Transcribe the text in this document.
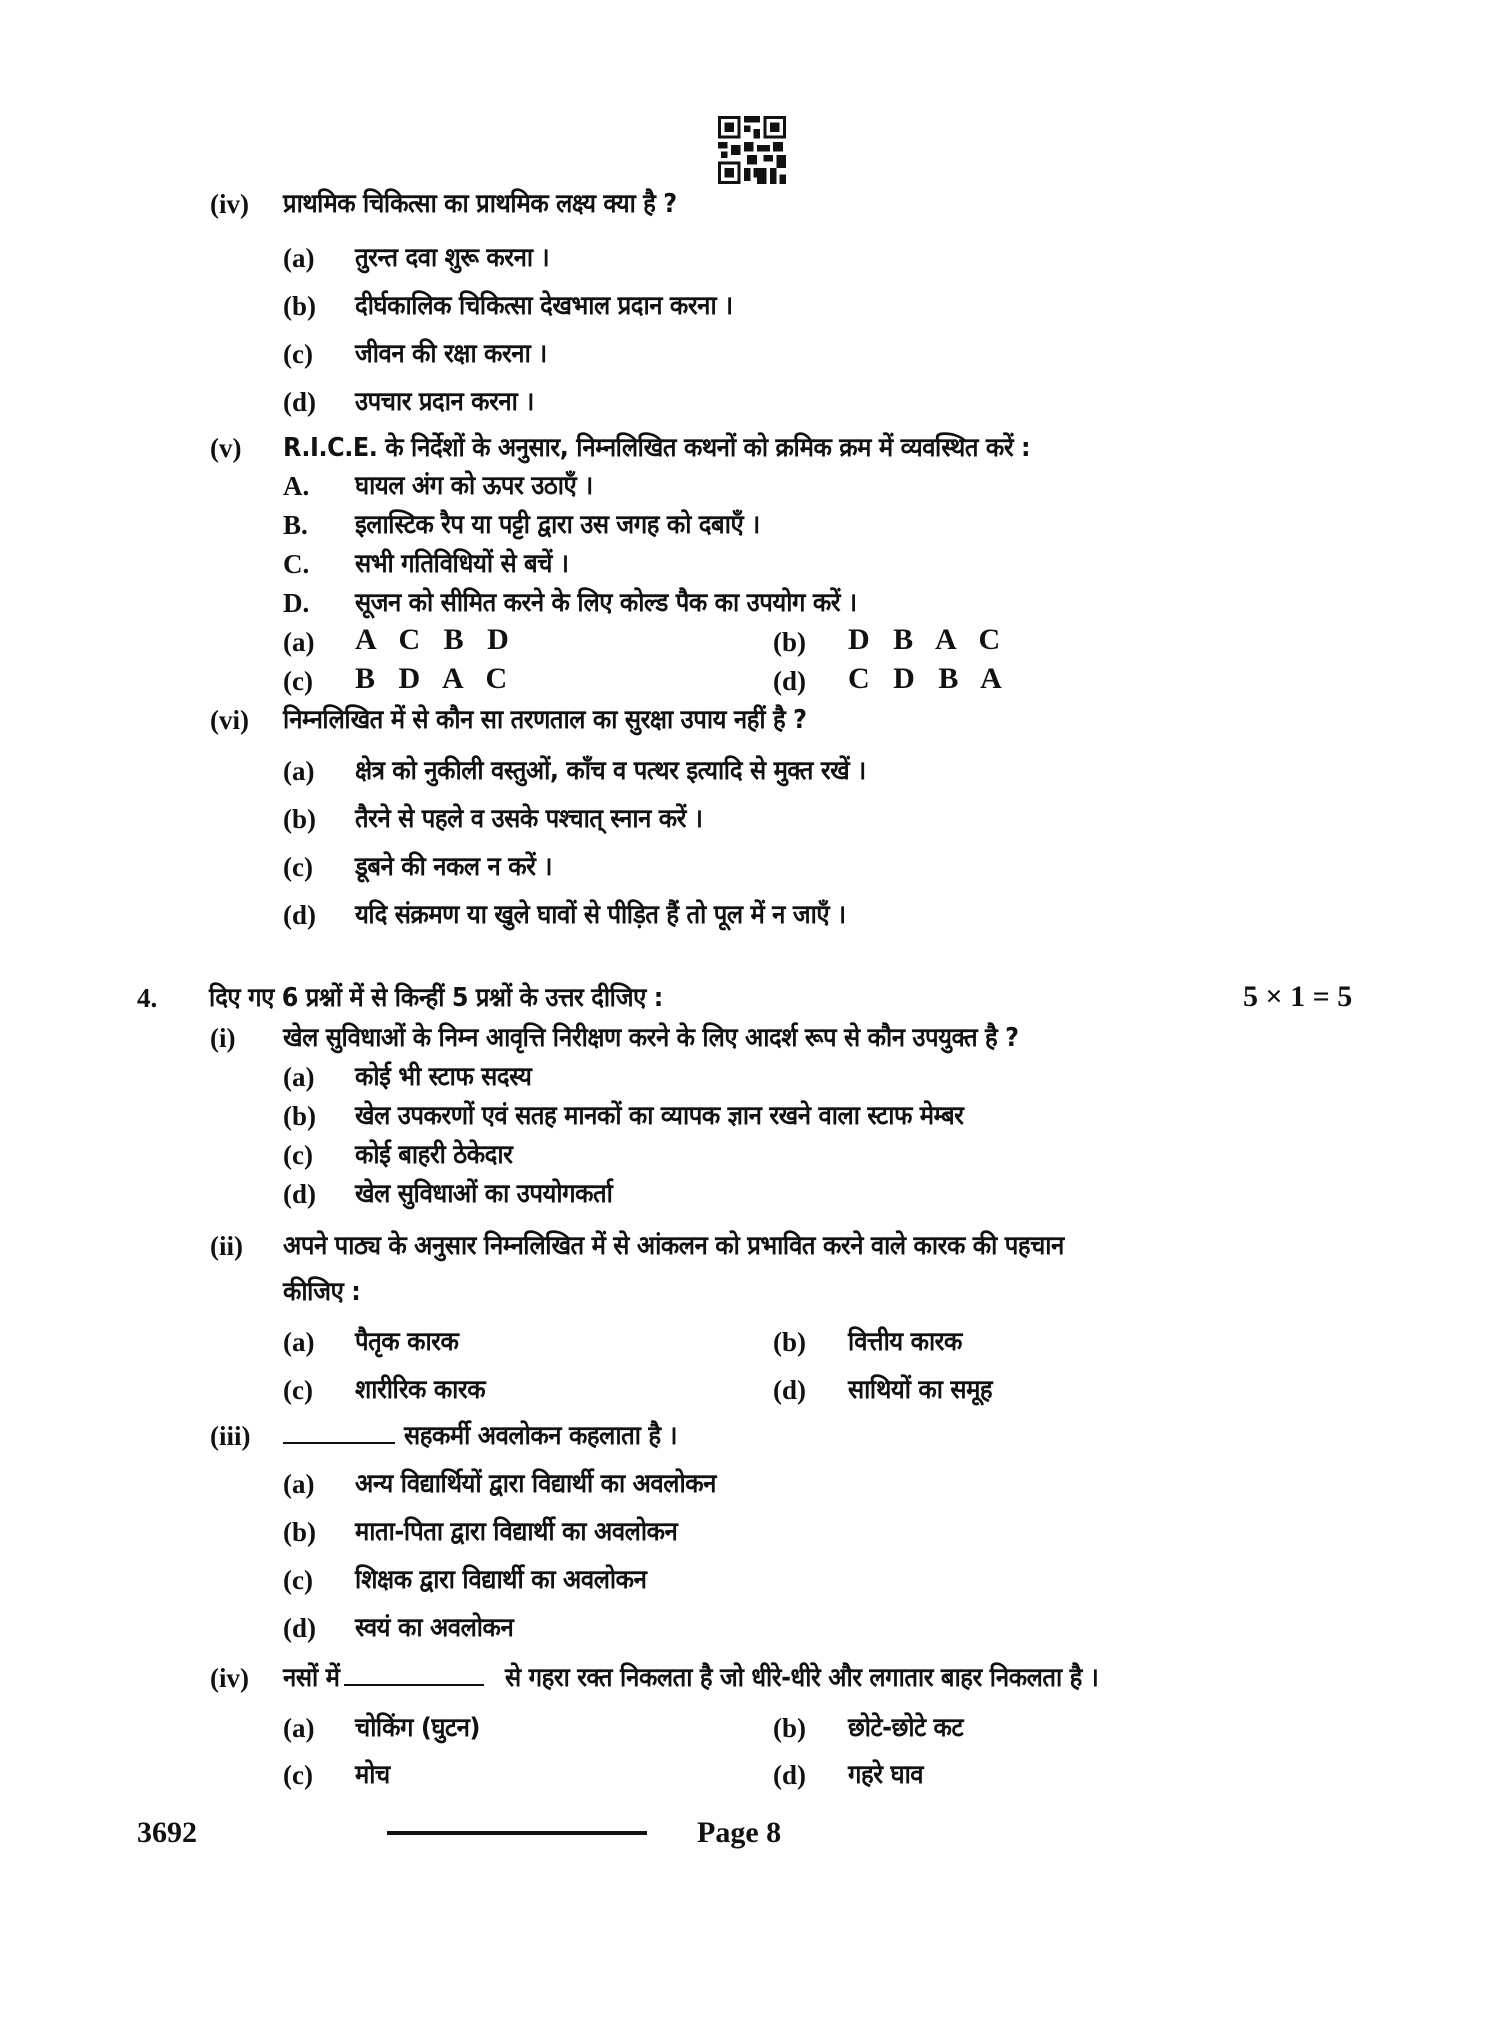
(iv) प्राथमिक चिकित्सा का प्राथमिक लक्ष्य क्या है ?
(a) तुरन्त दवा शुरू करना ।
(b) दीर्घकालिक चिकित्सा देखभाल प्रदान करना ।
(c) जीवन की रक्षा करना ।
(d) उपचार प्रदान करना ।
(v) R.I.C.E. के निर्देशों के अनुसार, निम्नलिखित कथनों को क्रमिक क्रम में व्यवस्थित करें :
A. घायल अंग को ऊपर उठाएँ ।
B. इलास्टिक रैप या पट्टी द्वारा उस जगह को दबाएँ ।
C. सभी गतिविधियों से बचें ।
D. सूजन को सीमित करने के लिए कोल्ड पैक का उपयोग करें ।
(a) A C B D	(b) D B A C
(c) B D A C	(d) C D B A
(vi) निम्नलिखित में से कौन सा तरणताल का सुरक्षा उपाय नहीं है ?
(a) क्षेत्र को नुकीली वस्तुओं, काँच व पत्थर इत्यादि से मुक्त रखें ।
(b) तैरने से पहले व उसके पश्चात् स्नान करें ।
(c) डूबने की नकल न करें ।
(d) यदि संक्रमण या खुले घावों से पीड़ित हैं तो पूल में न जाएँ ।
4. दिए गए 6 प्रश्नों में से किन्हीं 5 प्रश्नों के उत्तर दीजिए :	5 × 1 = 5
(i) खेल सुविधाओं के निम्न आवृत्ति निरीक्षण करने के लिए आदर्श रूप से कौन उपयुक्त है ?
(a) कोई भी स्टाफ सदस्य
(b) खेल उपकरणों एवं सतह मानकों का व्यापक ज्ञान रखने वाला स्टाफ मेम्बर
(c) कोई बाहरी ठेकेदार
(d) खेल सुविधाओं का उपयोगकर्ता
(ii) अपने पाठ्य के अनुसार निम्नलिखित में से आंकलन को प्रभावित करने वाले कारक की पहचान
कीजिए :
(a) पैतृक कारक	(b) वित्तीय कारक
(c) शारीरिक कारक	(d) साथियों का समूह
(iii)	सहकर्मी अवलोकन कहलाता है ।
(a) अन्य विद्यार्थियों द्वारा विद्यार्थी का अवलोकन
(b) माता-पिता द्वारा विद्यार्थी का अवलोकन
(c) शिक्षक द्वारा विद्यार्थी का अवलोकन
(d) स्वयं का अवलोकन
(iv) नसों में	से गहरा रक्त निकलता है जो धीरे-धीरे और लगातार बाहर निकलता है ।
(a) चोकिंग (घुटन)	(b) छोटे-छोटे कट
(c) मोच	(d) गहरे घाव
3692	Page 8
